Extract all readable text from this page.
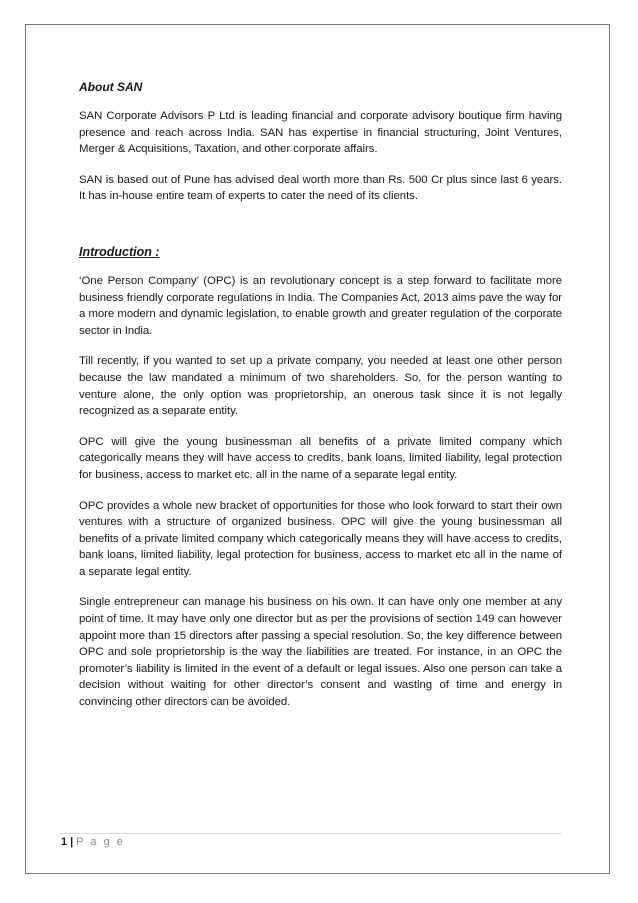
About SAN

SAN Corporate Advisors P Ltd is leading financial and corporate advisory boutique firm having presence and reach across India. SAN has expertise in financial structuring, Joint Ventures, Merger & Acquisitions, Taxation, and other corporate affairs.

SAN is based out of Pune has advised deal worth more than Rs. 500 Cr plus since last 6 years. It has in-house entire team of experts to cater the need of its clients.

Introduction :

‘One Person Company’ (OPC) is an revolutionary concept is a step forward to facilitate more business friendly corporate regulations in India. The Companies Act, 2013 aims pave the way for a more modern and dynamic legislation, to enable growth and greater regulation of the corporate sector in India.

Till recently, if you wanted to set up a private company, you needed at least one other person because the law mandated a minimum of two shareholders. So, for the person wanting to venture alone, the only option was proprietorship, an onerous task since it is not legally recognized as a separate entity.

OPC will give the young businessman all benefits of a private limited company which categorically means they will have access to credits, bank loans, limited liability, legal protection for business, access to market etc. all in the name of a separate legal entity.

OPC provides a whole new bracket of opportunities for those who look forward to start their own ventures with a structure of organized business. OPC will give the young businessman all benefits of a private limited company which categorically means they will have access to credits, bank loans, limited liability, legal protection for business, access to market etc all in the name of a separate legal entity.

Single entrepreneur can manage his business on his own. It can have only one member at any point of time. It may have only one director but as per the provisions of section 149 can however appoint more than 15 directors after passing a special resolution. So, the key difference between OPC and sole proprietorship is the way the liabilities are treated. For instance, in an OPC the promoter’s liability is limited in the event of a default or legal issues. Also one person can take a decision without waiting for other director’s consent and wasting of time and energy in convincing other directors can be avoided.

1 | P a g e
